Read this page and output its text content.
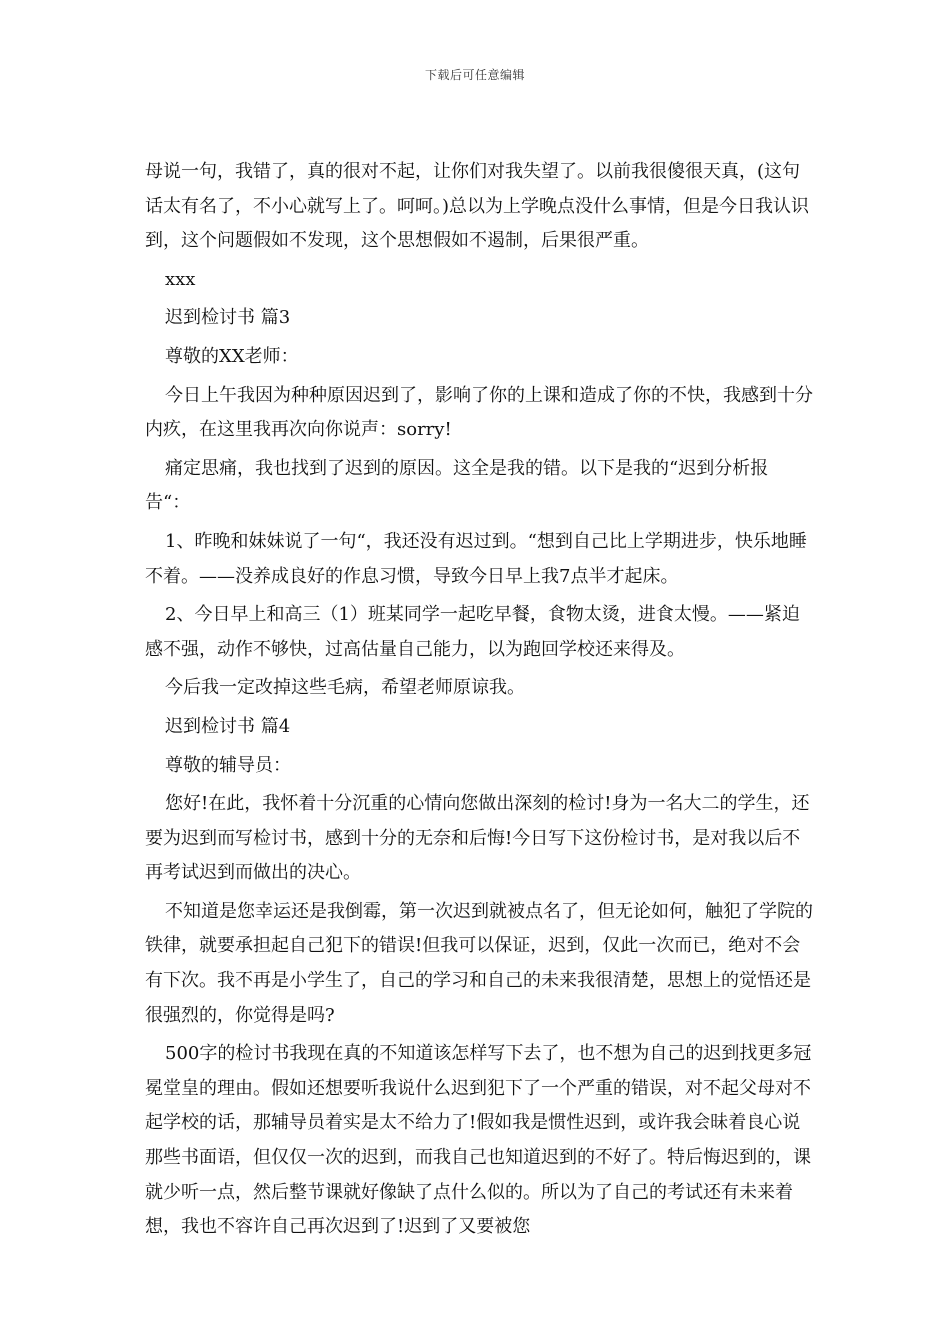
下载后可任意编辑

母说一句，我错了，真的很对不起，让你们对我失望了。以前我很傻很天真，(这句话太有名了，不小心就写上了。呵呵。)总以为上学晚点没什么事情，但是今日我认识到，这个问题假如不发现，这个思想假如不遏制，后果很严重。

xxx

迟到检讨书 篇3

尊敬的XX老师：

今日上午我因为种种原因迟到了，影响了你的上课和造成了你的不快，我感到十分内疚，在这里我再次向你说声：sorry!

痛定思痛，我也找到了迟到的原因。这全是我的错。以下是我的“迟到分析报告“：

1、昨晚和妹妹说了一句“，我还没有迟过到。“想到自己比上学期进步，快乐地睡不着。——没养成良好的作息习惯，导致今日早上我7点半才起床。

2、今日早上和高三（1）班某同学一起吃早餐，食物太烫，进食太慢。——紧迫感不强，动作不够快，过高估量自己能力，以为跑回学校还来得及。

今后我一定改掉这些毛病，希望老师原谅我。

迟到检讨书 篇4

尊敬的辅导员：

您好!在此，我怀着十分沉重的心情向您做出深刻的检讨!身为一名大二的学生，还要为迟到而写检讨书，感到十分的无奈和后悔!今日写下这份检讨书，是对我以后不再考试迟到而做出的决心。

不知道是您幸运还是我倒霉，第一次迟到就被点名了，但无论如何，触犯了学院的铁律，就要承担起自己犯下的错误!但我可以保证，迟到，仅此一次而已，绝对不会有下次。我不再是小学生了，自己的学习和自己的未来我很清楚，思想上的觉悟还是很强烈的，你觉得是吗?

500字的检讨书我现在真的不知道该怎样写下去了，也不想为自己的迟到找更多冠冕堂皇的理由。假如还想要听我说什么迟到犯下了一个严重的错误，对不起父母对不起学校的话，那辅导员着实是太不给力了!假如我是惯性迟到，或许我会昧着良心说那些书面语，但仅仅一次的迟到，而我自己也知道迟到的不好了。特后悔迟到的，课就少听一点，然后整节课就好像缺了点什么似的。所以为了自己的考试还有未来着想，我也不容许自己再次迟到了!迟到了又要被您
